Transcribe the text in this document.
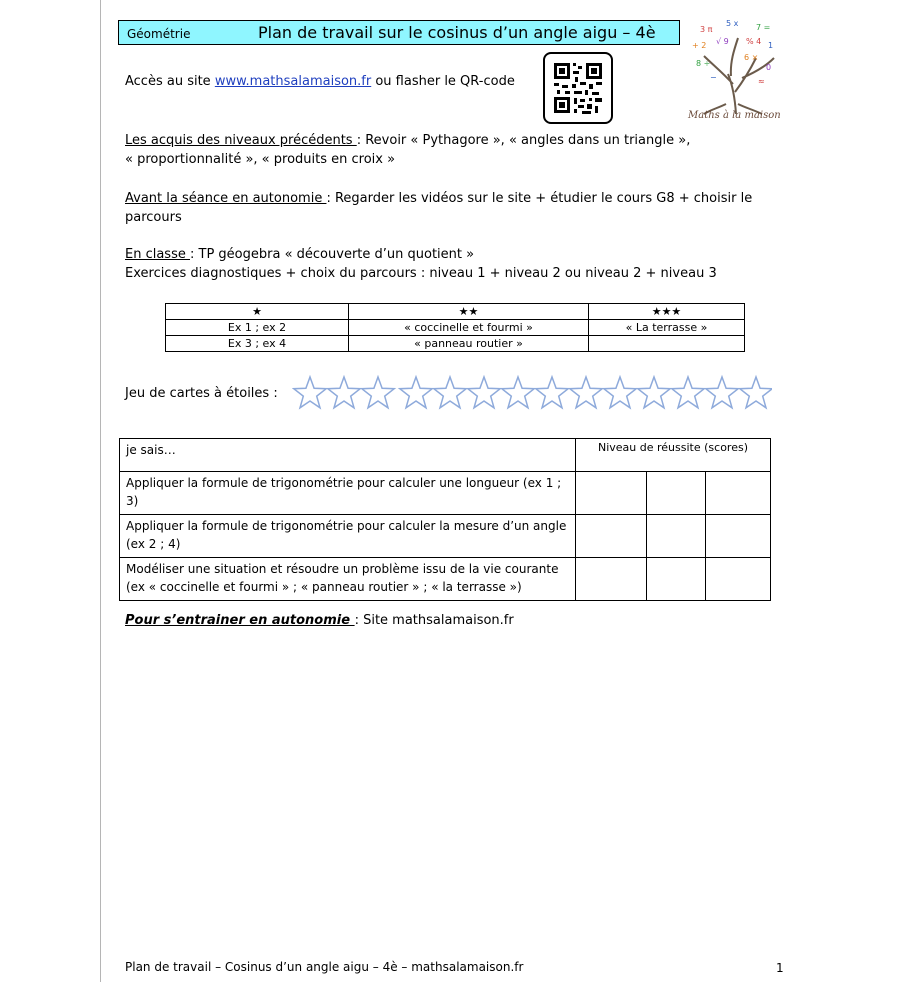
Géométrie	Plan de travail sur le cosinus d’un angle aigu – 4è
Accès au site www.mathsalamaison.fr ou flasher le QR-code
3 π
5 x 7 =
+ 2 √ 9 % 4 1
8 ÷
6 ×
0
−	≈
Maths à la maison
Les acquis des niveaux précédents : Revoir « Pythagore », « angles dans un triangle »,
« proportionnalité », « produits en croix »
Avant la séance en autonomie : Regarder les vidéos sur le site + étudier le cours G8 + choisir le
parcours
En classe : TP géogebra « découverte d’un quotient »
Exercices diagnostiques + choix du parcours : niveau 1 + niveau 2 ou niveau 2 + niveau 3
★	★★	★★★
Ex 1 ; ex 2	« coccinelle et fourmi »	« La terrasse »
Ex 3 ; ex 4	« panneau routier »	
Jeu de cartes à étoiles :
je sais…	Niveau de réussite (scores)		
Appliquer la formule de trigonométrie pour calculer une longueur (ex 1 ; 3)			
Appliquer la formule de trigonométrie pour calculer la mesure d’un angle (ex 2 ; 4)			
Modéliser une situation et résoudre un problème issu de la vie courante (ex « coccinelle et fourmi » ; « panneau routier » ; « la terrasse »)			
Pour s’entrainer en autonomie : Site mathsalamaison.fr
Plan de travail – Cosinus d’un angle aigu – 4è – mathsalamaison.fr	1
